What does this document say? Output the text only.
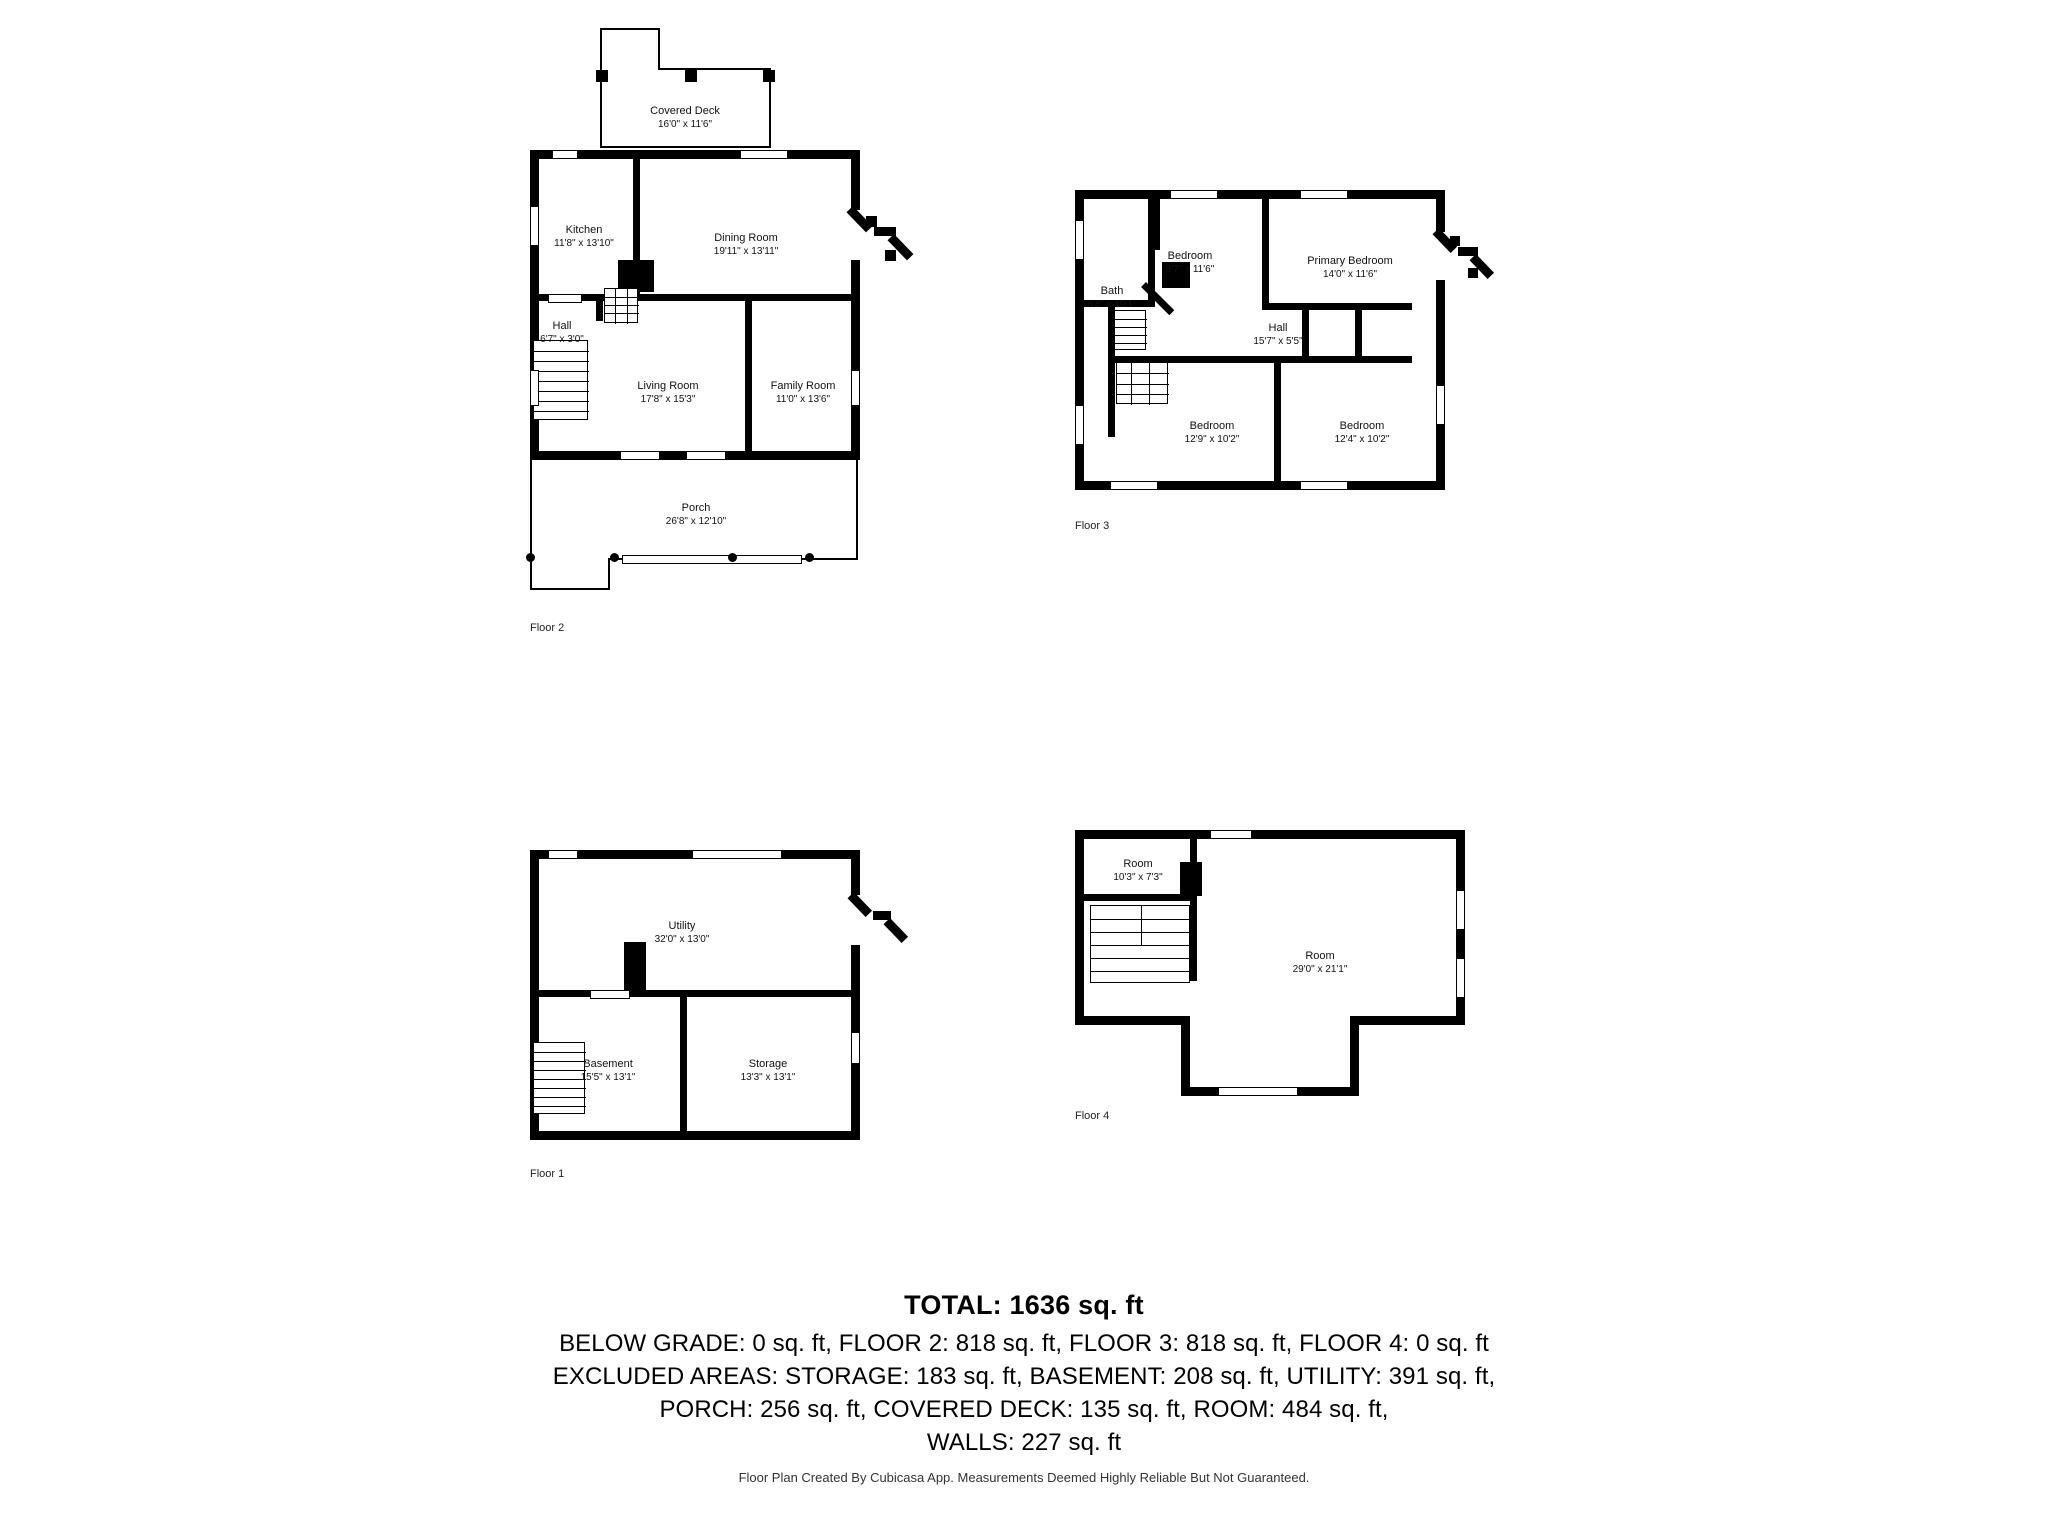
Covered Deck
16'0" x 11'6"
Kitchen
11'8" x 13'10"	Dining Room
19'11" x 13'11"
Hall
6'7" x 3'0"
Living Room
17'8" x 15'3"
Family Room
11'0" x 13'6"
Porch
26'8" x 12'10"
Floor 2
Bedroom
8'7" x 11'6"
Primary Bedroom
14'0" x 11'6"
Bath
8'8" x 10'1"
Hall
15'7" x 5'5"
Bedroom
12'9" x 10'2"
Bedroom
12'4" x 10'2"
Floor 3
Utility
32'0" x 13'0"
Basement
15'5" x 13'1"
Storage
13'3" x 13'1"
Floor 1
Room
10'3" x 7'3"
Room
29'0" x 21'1"
Floor 4
TOTAL: 1636 sq. ft
BELOW GRADE: 0 sq. ft, FLOOR 2: 818 sq. ft, FLOOR 3: 818 sq. ft, FLOOR 4: 0 sq. ft
EXCLUDED AREAS: STORAGE: 183 sq. ft, BASEMENT: 208 sq. ft, UTILITY: 391 sq. ft,
PORCH: 256 sq. ft, COVERED DECK: 135 sq. ft, ROOM: 484 sq. ft,
WALLS: 227 sq. ft
Floor Plan Created By Cubicasa App. Measurements Deemed Highly Reliable But Not Guaranteed.
